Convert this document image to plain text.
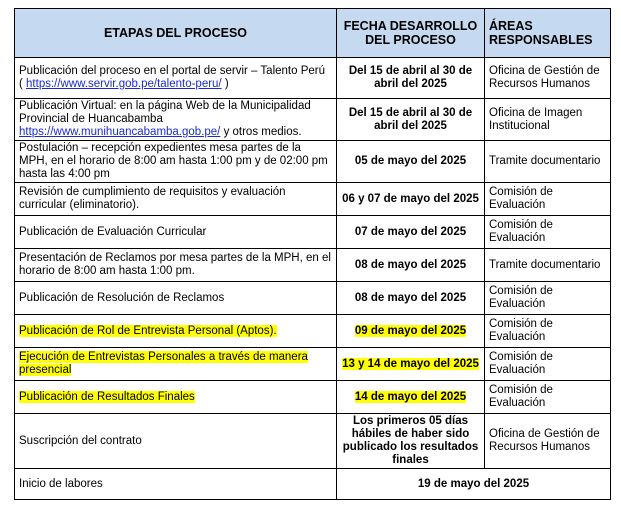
ETAPAS DEL PROCESO	FECHA DESARROLLO DEL PROCESO	ÁREAS RESPONSABLES
Publicación del proceso en el portal de servir – Talento Perú ( https://www.servir.gob.pe/talento-peru/ )	Del 15 de abril al 30 de abril del 2025	Oficina de Gestión de Recursos Humanos
Publicación Virtual: en la página Web de la Municipalidad Provincial de Huancabamba https://www.munihuancabamba.gob.pe/ y otros medios.	Del 15 de abril al 30 de abril del 2025	Oficina de Imagen Institucional
Postulación – recepción expedientes mesa partes de la MPH, en el horario de 8:00 am hasta 1:00 pm y de 02:00 pm hasta las 4:00 pm	05 de mayo del 2025	Tramite documentario
Revisión de cumplimiento de requisitos y evaluación curricular (eliminatorio).	06 y 07 de mayo del 2025	Comisión de Evaluación
Publicación de Evaluación Curricular	07 de mayo del 2025	Comisión de Evaluación
Presentación de Reclamos por mesa partes de la MPH, en el horario de 8:00 am hasta 1:00 pm.	08 de mayo del 2025	Tramite documentario
Publicación de Resolución de Reclamos	08 de mayo del 2025	Comisión de Evaluación
Publicación de Rol de Entrevista Personal (Aptos).	09 de mayo del 2025	Comisión de Evaluación
Ejecución de Entrevistas Personales a través de manera presencial	13 y 14 de mayo del 2025	Comisión de Evaluación
Publicación de Resultados Finales	14 de mayo del 2025	Comisión de Evaluación
Suscripción del contrato	Los primeros 05 días hábiles de haber sido publicado los resultados finales	Oficina de Gestión de Recursos Humanos
Inicio de labores	19 de mayo del 2025	
